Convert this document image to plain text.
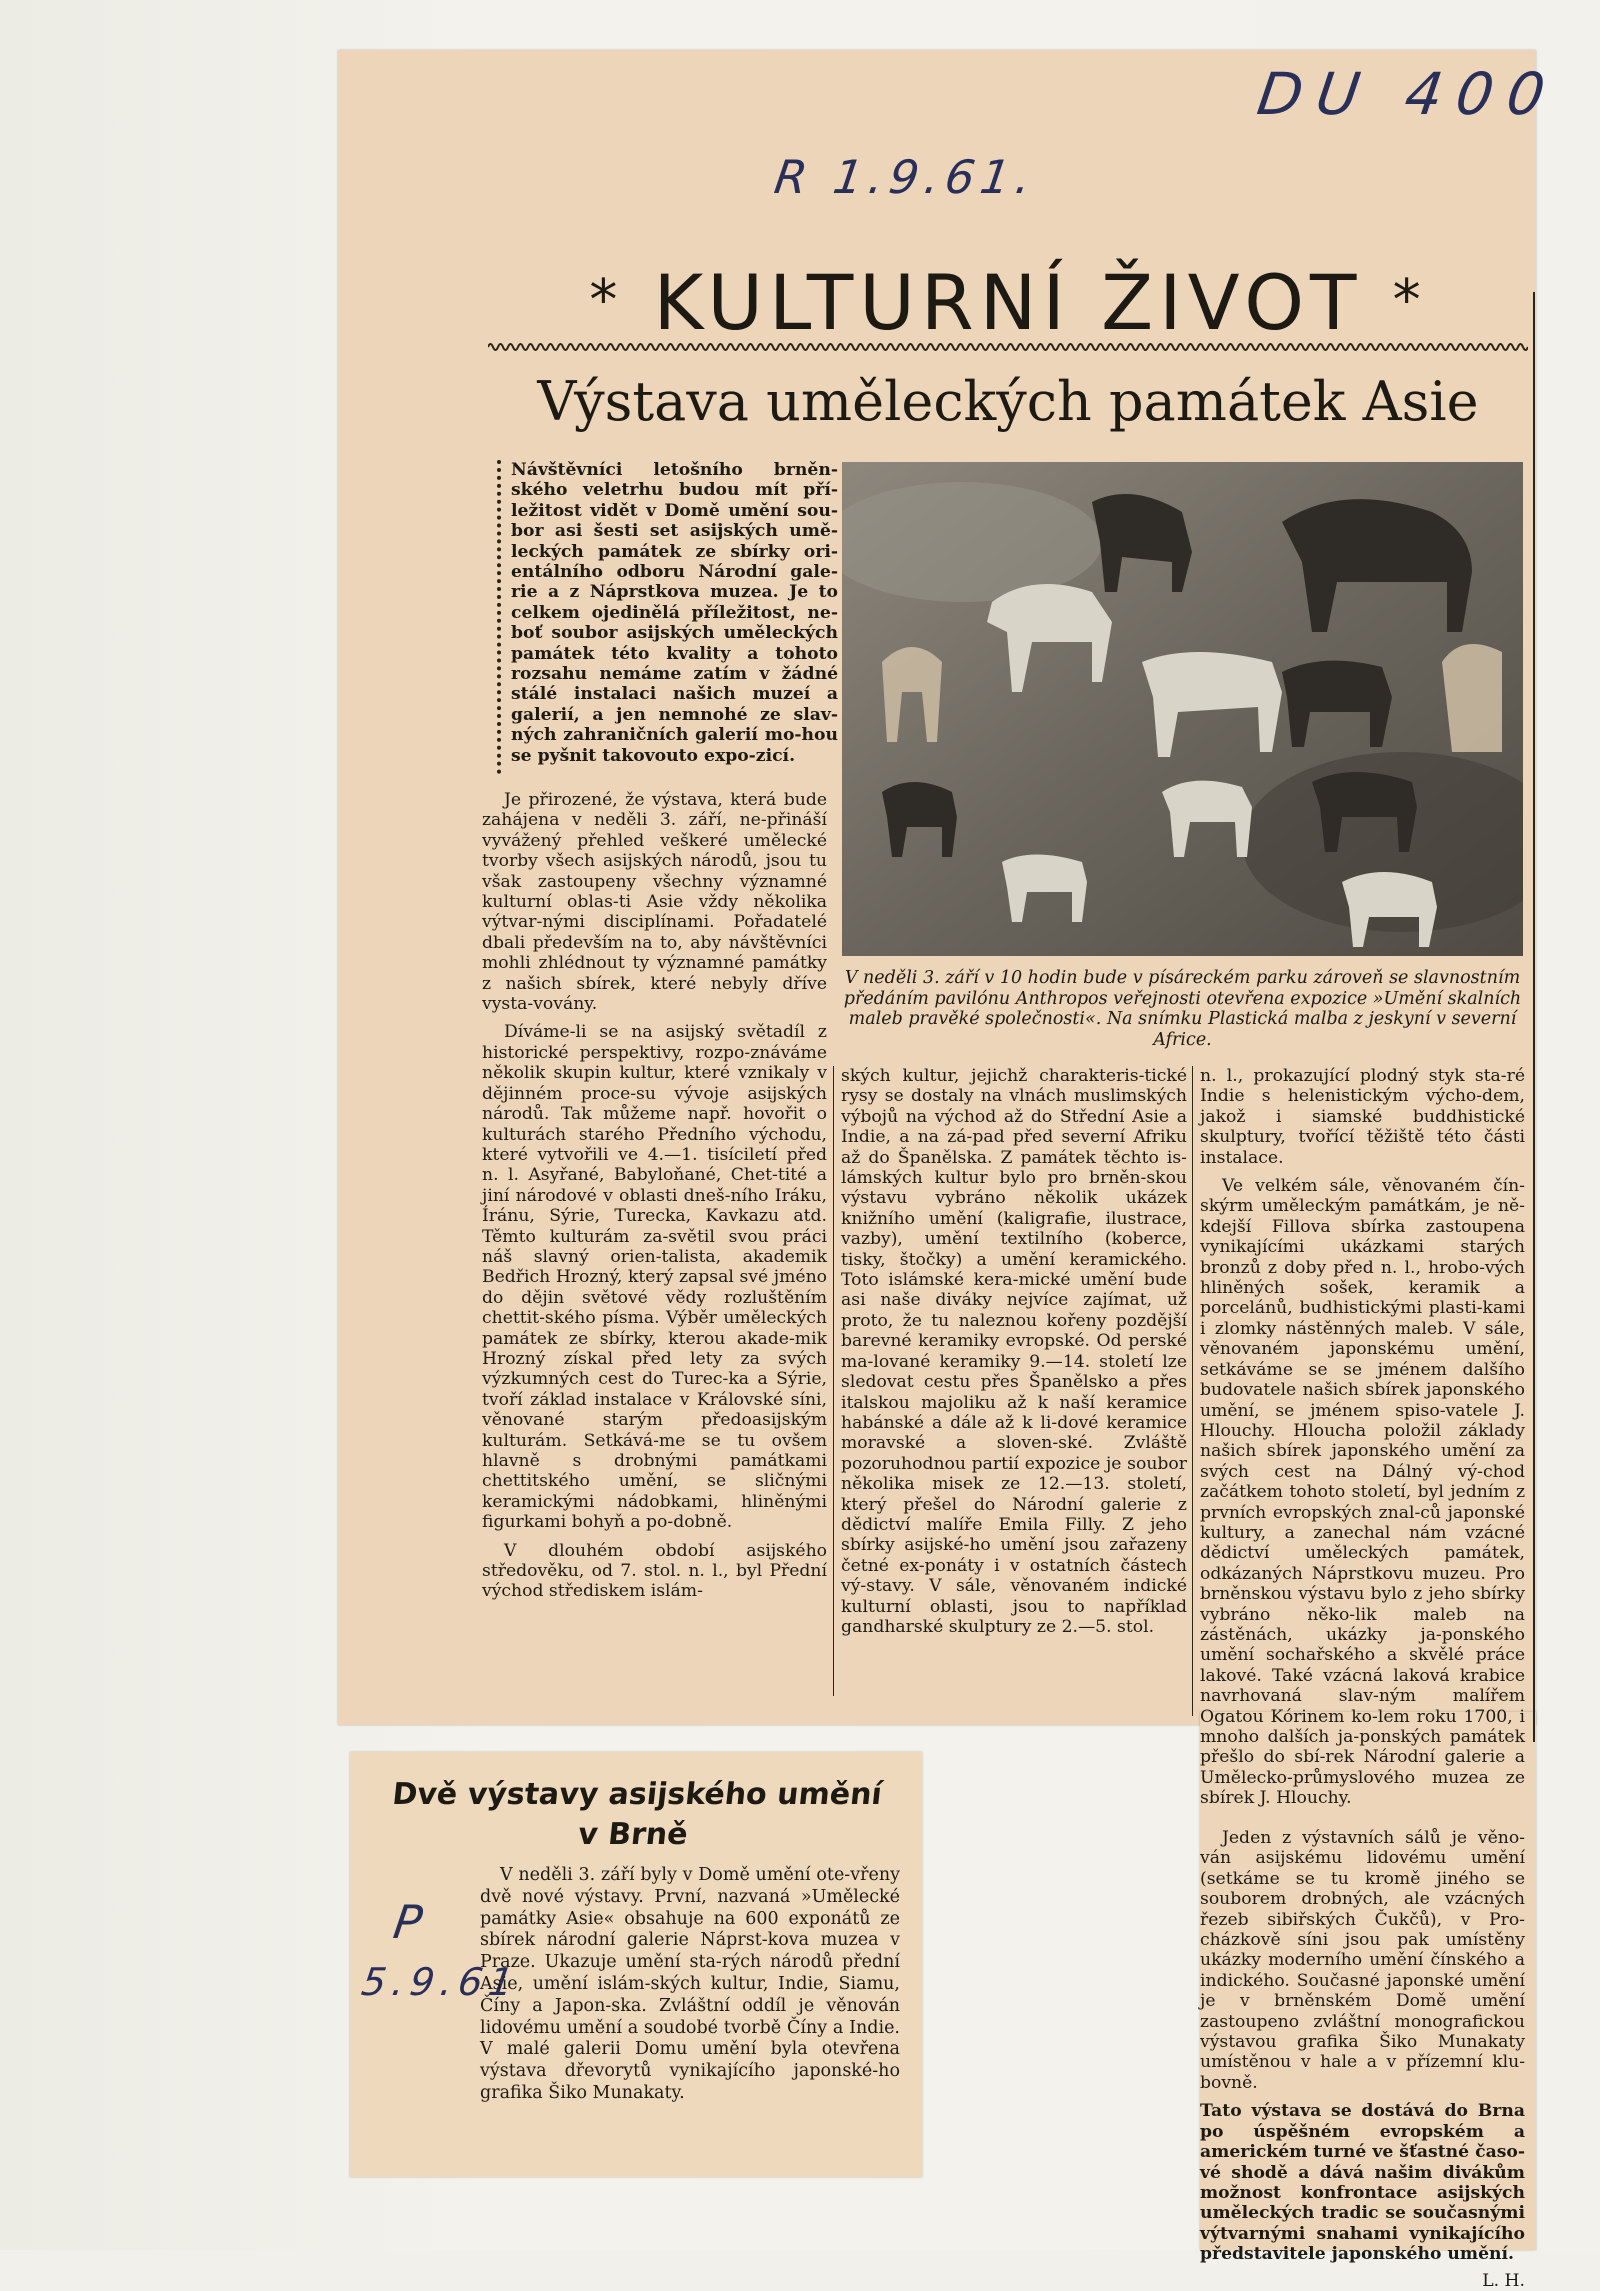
R 1.9.61.
DU 400
P
5.9.61
* KULTURNÍ ŽIVOT *
Výstava uměleckých památek Asie

Návštěvníci letošního brněn-ského veletrhu budou mít pří-ležitost vidět v Domě umění sou-bor asi šesti set asijských umě-leckých památek ze sbírky ori-entálního odboru Národní gale-rie a z Náprstkova muzea. Je to celkem ojedinělá příležitost, ne-boť soubor asijských uměleckých památek této kvality a tohoto rozsahu nemáme zatím v žádné stálé instalaci našich muzeí a galerií, a jen nemnohé ze slav-ných zahraničních galerií mo-hou se pyšnit takovouto expo-zicí.

Je přirozené, že výstava, která bude zahájena v neděli 3. září, ne-přináší vyvážený přehled veškeré umělecké tvorby všech asijských národů, jsou tu však zastoupeny všechny významné kulturní oblas-ti Asie vždy několika výtvar-nými disciplínami. Pořadatelé dbali především na to, aby návštěvníci mohli zhlédnout ty významné památky z našich sbírek, které nebyly dříve vysta-vovány.

Díváme-li se na asijský světadíl z historické perspektivy, rozpo-znáváme několik skupin kultur, které vznikaly v dějinném proce-su vývoje asijských národů. Tak můžeme např. hovořit o kulturách starého Předního východu, které vytvořili ve 4.—1. tisíciletí před n. l. Asyřané, Babyloňané, Chet-tité a jiní národové v oblasti dneš-ního Iráku, Íránu, Sýrie, Turecka, Kavkazu atd. Těmto kulturám za-světil svou práci náš slavný orien-talista, akademik Bedřich Hrozný, který zapsal své jméno do dějin světové vědy rozluštěním chettit-ského písma. Výběr uměleckých památek ze sbírky, kterou akade-mik Hrozný získal před lety za svých výzkumných cest do Turec-ka a Sýrie, tvoří základ instalace v Královské síni, věnované starým předoasijským kulturám. Setkává-me se tu ovšem hlavně s drobnými památkami chettitského umění, se sličnými keramickými nádobkami, hliněnými figurkami bohyň a po-dobně.

V dlouhém období asijského středověku, od 7. stol. n. l., byl Přední východ střediskem islám-

V neděli 3. září v 10 hodin bude v písáreckém parku zároveň se slavnostním předáním pavilónu Anthropos veřejnosti otevřena expozice »Umění skalních maleb pravěké společnosti«. Na snímku Plastická malba z jeskyní v severní Africe.

ských kultur, jejichž charakteris-tické rysy se dostaly na vlnách muslimských výbojů na východ až do Střední Asie a Indie, a na zá-pad před severní Afriku až do Španělska. Z památek těchto is-lámských kultur bylo pro brněn-skou výstavu vybráno několik ukázek knižního umění (kaligrafie, ilustrace, vazby), umění textilního (koberce, tisky, štočky) a umění keramického. Toto islámské kera-mické umění bude asi naše diváky nejvíce zajímat, už proto, že tu naleznou kořeny pozdější barevné keramiky evropské. Od perské ma-lované keramiky 9.—14. století lze sledovat cestu přes Španělsko a přes italskou majoliku až k naší keramice habánské a dále až k li-dové keramice moravské a sloven-ské. Zvláště pozoruhodnou partií expozice je soubor několika misek ze 12.—13. století, který přešel do Národní galerie z dědictví malíře Emila Filly. Z jeho sbírky asijské-ho umění jsou zařazeny četné ex-ponáty i v ostatních částech vý-stavy. V sále, věnovaném indické kulturní oblasti, jsou to například gandharské skulptury ze 2.—5. stol.

n. l., prokazující plodný styk sta-ré Indie s helenistickým výcho-dem, jakož i siamské buddhistické skulptury, tvořící těžiště této části instalace.

Ve velkém sále, věnovaném čín-skýrm uměleckým památkám, je ně-kdejší Fillova sbírka zastoupena vynikajícími ukázkami starých bronzů z doby před n. l., hrobo-vých hliněných sošek, keramik a porcelánů, budhistickými plasti-kami i zlomky nástěnných maleb. V sále, věnovaném japonskému umění, setkáváme se se jménem dalšího budovatele našich sbírek japonského umění, se jménem spiso-vatele J. Hlouchy. Hloucha položil základy našich sbírek japonského umění za svých cest na Dálný vý-chod začátkem tohoto století, byl jedním z prvních evropských znal-ců japonské kultury, a zanechal nám vzácné dědictví uměleckých památek, odkázaných Náprstkovu muzeu. Pro brněnskou výstavu bylo z jeho sbírky vybráno něko-lik maleb na zástěnách, ukázky ja-ponského umění sochařského a skvělé práce lakové. Také vzácná laková krabice navrhovaná slav-ným malířem Ogatou Kórinem ko-lem roku 1700, i mnoho dalších ja-ponských památek přešlo do sbí-rek Národní galerie a Umělecko-průmyslového muzea ze sbírek J. Hlouchy.

Jeden z výstavních sálů je věno-ván asijskému lidovému umění (setkáme se tu kromě jiného se souborem drobných, ale vzácných řezeb sibiřských Čukčů), v Pro-cházkově síni jsou pak umístěny ukázky moderního umění čínského a indického. Současné japonské umění je v brněnském Domě umění zastoupeno zvláštní monografickou výstavou grafika Šiko Munakaty umístěnou v hale a v přízemní klu-bovně.

Tato výstava se dostává do Brna po úspěšném evropském a americkém turné ve šťastné časo-vé shodě a dává našim divákům možnost konfrontace asijských uměleckých tradic se současnými výtvarnými snahami vynikajícího představitele japonského umění.

L. H.
Dvě výstavy asijského umění
v Brně

V neděli 3. září byly v Domě umění ote-vřeny dvě nové výstavy. První, nazvaná »Umělecké památky Asie« obsahuje na 600 exponátů ze sbírek národní galerie Náprst-kova muzea v Praze. Ukazuje umění sta-rých národů přední Asie, umění islám-ských kultur, Indie, Siamu, Číny a Japon-ska. Zvláštní oddíl je věnován lidovému umění a soudobé tvorbě Číny a Indie. V malé galerii Domu umění byla otevřena výstava dřevorytů vynikajícího japonské-ho grafika Šiko Munakaty.
